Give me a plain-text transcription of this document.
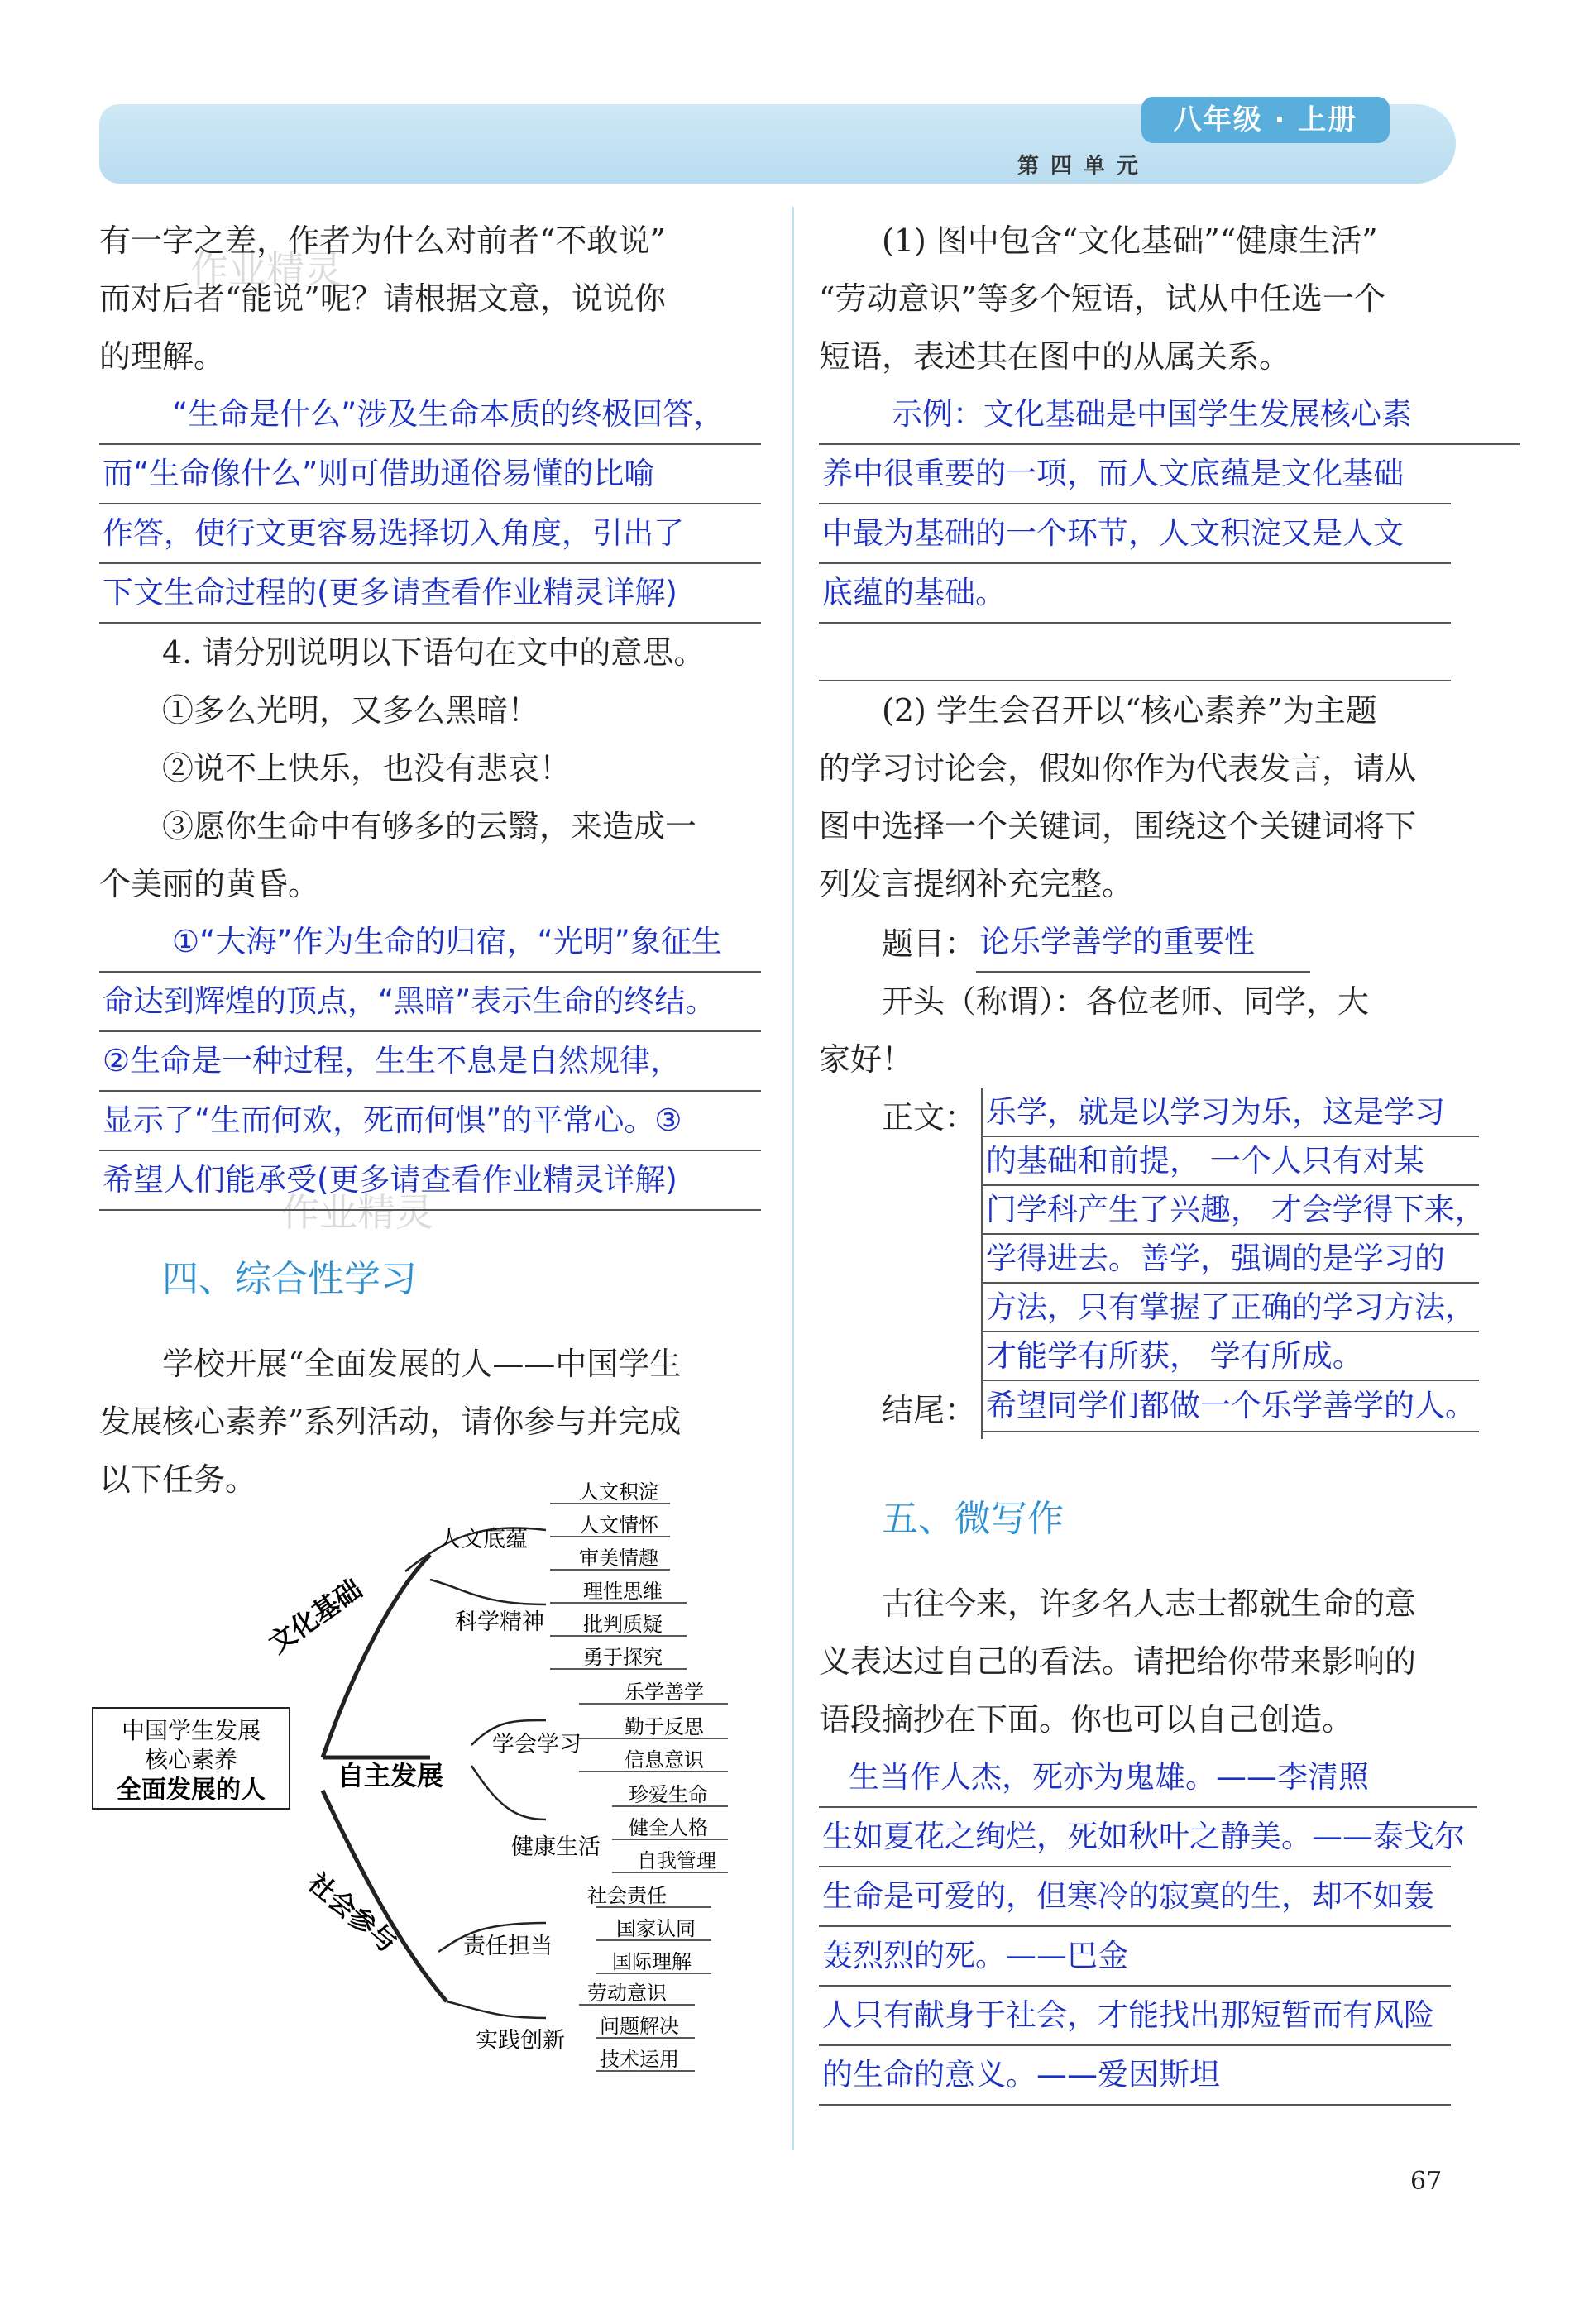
八年级 · 上册
第四单元
作业精灵
作业精灵

有一字之差，作者为什么对前者“不敢说”

而对后者“能说”呢？请根据文意，说说你

的理解。

“生命是什么”涉及生命本质的终极回答，

而“生命像什么”则可借助通俗易懂的比喻

作答，使行文更容易选择切入角度，引出了

下文生命过程的(更多请查看作业精灵详解)

4. 请分别说明以下语句在文中的意思。

①多么光明，又多么黑暗！

②说不上快乐，也没有悲哀！

③愿你生命中有够多的云翳，来造成一

个美丽的黄昏。

①“大海”作为生命的归宿，“光明”象征生

命达到辉煌的顶点，“黑暗”表示生命的终结。

②生命是一种过程，生生不息是自然规律，

显示了“生而何欢，死而何惧”的平常心。③

希望人们能承受(更多请查看作业精灵详解)

四、综合性学习

学校开展“全面发展的人——中国学生

发展核心素养”系列活动，请你参与并完成

以下任务。

中国学生发展
核心素养
全面发展的人
文化基础
自主发展
社会参与
人文底蕴
科学精神
学会学习
健康生活
责任担当
实践创新
人文积淀
人文情怀
审美情趣
理性思维
批判质疑
勇于探究
乐学善学
勤于反思
信息意识
珍爱生命
健全人格
自我管理
社会责任
国家认同
国际理解
劳动意识
问题解决
技术运用

(1) 图中包含“文化基础”“健康生活”

“劳动意识”等多个短语，试从中任选一个

短语，表述其在图中的从属关系。

示例：文化基础是中国学生发展核心素

养中很重要的一项，而人文底蕴是文化基础

中最为基础的一个环节，人文积淀又是人文

底蕴的基础。

(2) 学生会召开以“核心素养”为主题

的学习讨论会，假如你作为代表发言，请从

图中选择一个关键词，围绕这个关键词将下

列发言提纲补充完整。

题目： 论乐学善学的重要性

开头（称谓）：各位老师、同学，大

家好！

正文： 乐学，就是以学习为乐，这是学习

的基础和前提， 一个人只有对某

门学科产生了兴趣， 才会学得下来，

学得进去。善学，强调的是学习的

方法，只有掌握了正确的学习方法，

才能学有所获， 学有所成。

结尾： 希望同学们都做一个乐学善学的人。

五、微写作

古往今来，许多名人志士都就生命的意

义表达过自己的看法。请把给你带来影响的

语段摘抄在下面。你也可以自己创造。

生当作人杰，死亦为鬼雄。——李清照

生如夏花之绚烂，死如秋叶之静美。——泰戈尔

生命是可爱的，但寒冷的寂寞的生，却不如轰

轰烈烈的死。——巴金

人只有献身于社会，才能找出那短暂而有风险

的生命的意义。——爱因斯坦

67
